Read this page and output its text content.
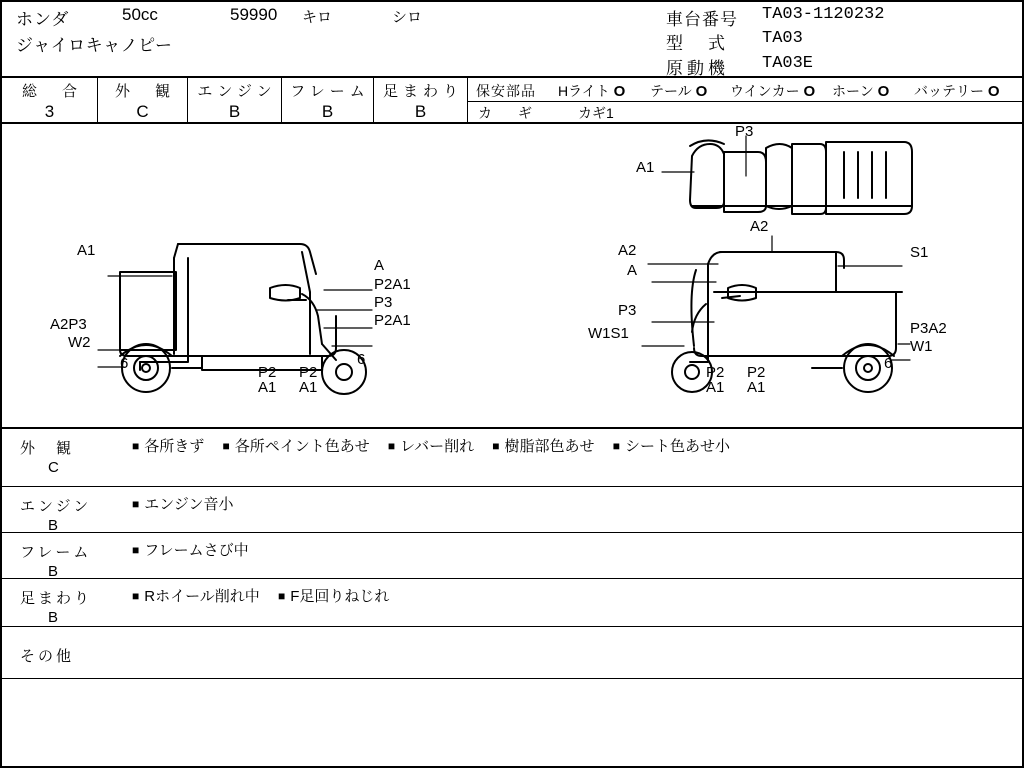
ホンダ	50cc	59990 キロ	シロ
ジャイロキャノピー
車台番号 TA03-1120232
型　式 TA03
原動機 TA03E
総　合
3
外　観
C
エンジン
B
フレーム
B
足まわり
B
保安部品 Hライト O テール O ウインカー O ホーン O バッテリー O
カ　ギ	カギ1
P3
A1
A1
A
P2A1
P3
P2A1
A2P3
W2
6	6
P2
A1
P2
A1
A2
A2
A
S1
P3
W1S1	P3A2
W1
6
P2
A1
P2
A1
外　観
C
■ 各所きず ■ 各所ペイント色あせ ■ レバー削れ ■ 樹脂部色あせ ■ シート色あせ小
エンジン
B
■ エンジン音小
フレーム
B
■ フレームさび中
足まわり
B
■ Rホイール削れ中 ■ F足回りねじれ
その他
